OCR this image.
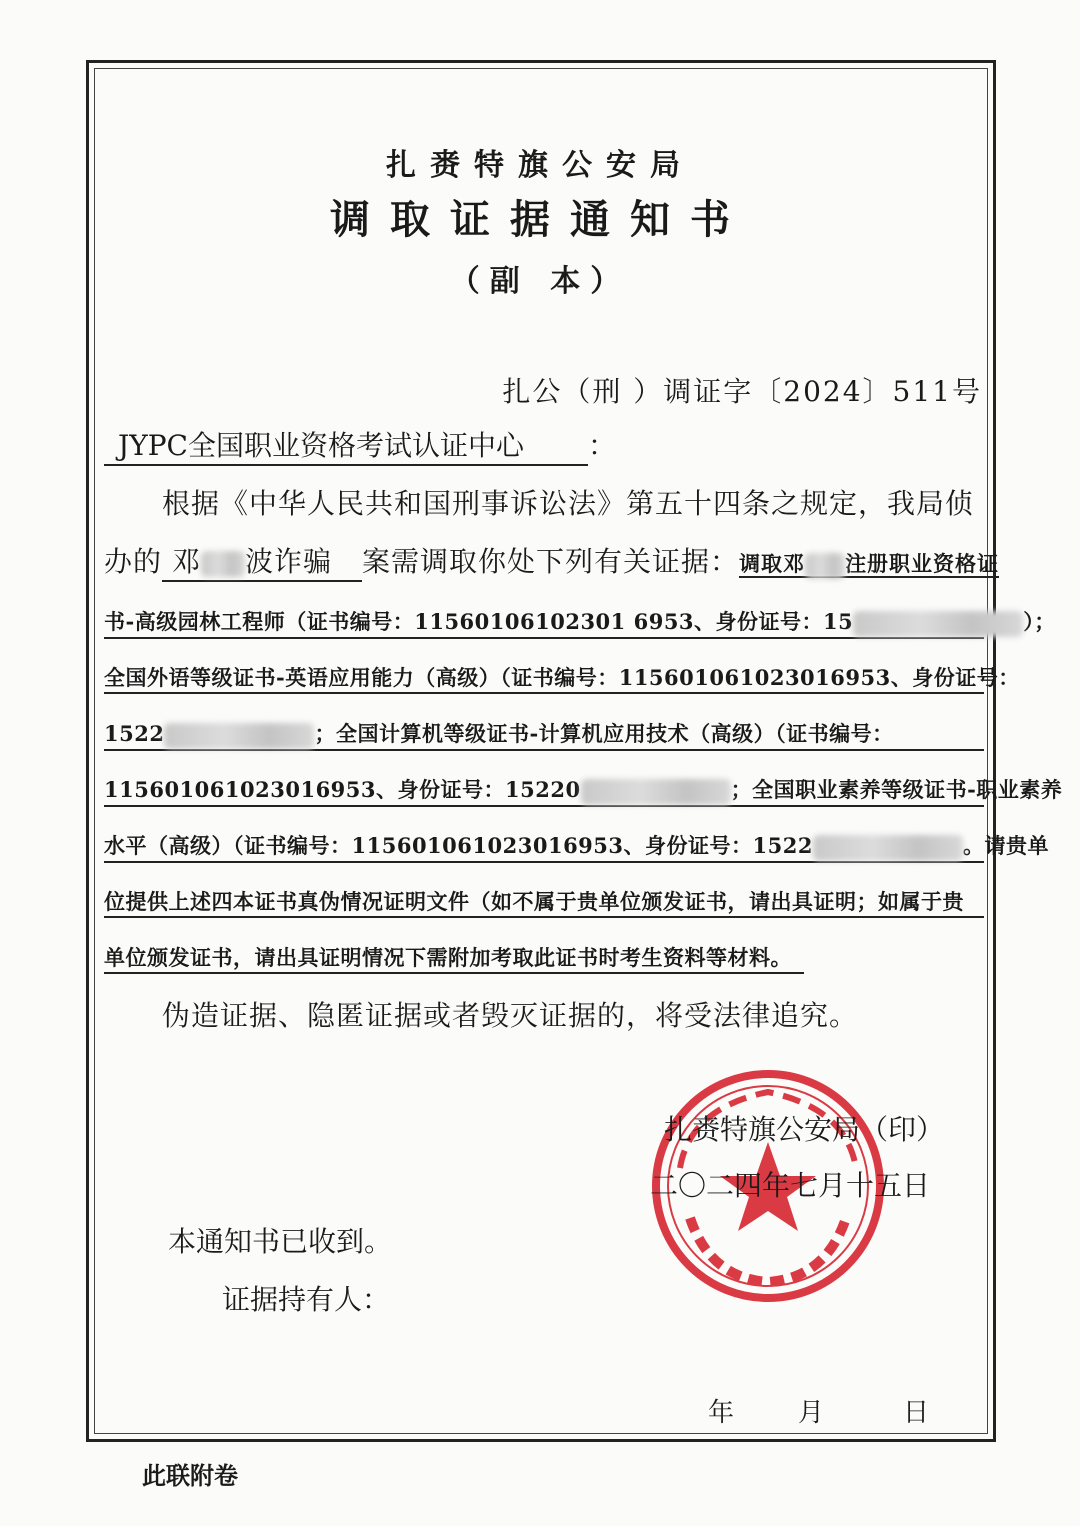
扎赉特旗公安局
调取证据通知书
（副 本）
扎公（刑 ）调证字〔2024〕511号
JYPC全国职业资格考试认证中心 ：
根据《中华人民共和国刑事诉讼法》第五十四条之规定，我局侦
办的 邓 波诈骗 案需调取你处下列有关证据：调取邓 注册职业资格证
书-高级园林工程师（证书编号：11560106102301 6953、身份证号：15	）；
全国外语等级证书-英语应用能力（高级）（证书编号：115601061023016953、身份证号：
1522	；全国计算机等级证书-计算机应用技术（高级）（证书编号：
115601061023016953、身份证号：15220	；全国职业素养等级证书-职业素养
水平（高级）（证书编号：115601061023016953、身份证号：1522	。请贵单
位提供上述四本证书真伪情况证明文件（如不属于贵单位颁发证书，请出具证明；如属于贵
单位颁发证书，请出具证明情况下需附加考取此证书时考生资料等材料。
伪造证据、隐匿证据或者毁灭证据的，将受法律追究。
扎赉特旗公安局（印）
二〇二四年七月十五日
本通知书已收到。
证据持有人：
年 月	日
此联附卷
